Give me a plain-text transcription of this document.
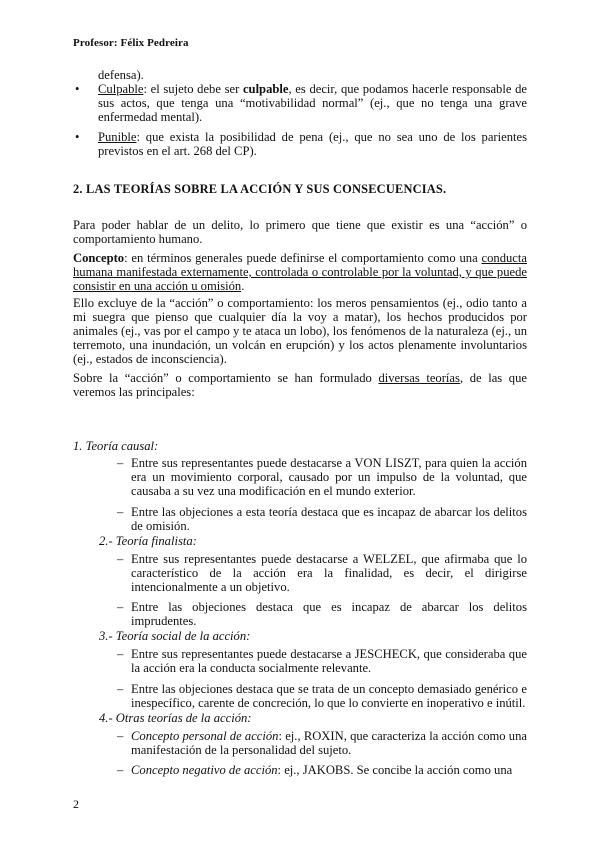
Profesor: Félix Pedreira

defensa).

• Culpable: el sujeto debe ser culpable, es decir, que podamos hacerle responsable de sus actos, que tenga una “motivabilidad normal” (ej., que no tenga una grave enfermedad mental).
• Punible: que exista la posibilidad de pena (ej., que no sea uno de los parientes previstos en el art. 268 del CP).

2. LAS TEORÍAS SOBRE LA ACCIÓN Y SUS CONSECUENCIAS.

Para poder hablar de un delito, lo primero que tiene que existir es una “acción” o comportamiento humano.

Concepto: en términos generales puede definirse el comportamiento como una conducta humana manifestada externamente, controlada o controlable por la voluntad, y que puede consistir en una acción u omisión.

Ello excluye de la “acción” o comportamiento: los meros pensamientos (ej., odio tanto a mi suegra que pienso que cualquier día la voy a matar), los hechos producidos por animales (ej., vas por el campo y te ataca un lobo), los fenómenos de la naturaleza (ej., un terremoto, una inundación, un volcán en erupción) y los actos plenamente involuntarios (ej., estados de inconsciencia).

Sobre la “acción” o comportamiento se han formulado diversas teorías, de las que veremos las principales:

1. Teoría causal:

– Entre sus representantes puede destacarse a VON LISZT, para quien la acción era un movimiento corporal, causado por un impulso de la voluntad, que causaba a su vez una modificación en el mundo exterior.
– Entre las objeciones a esta teoría destaca que es incapaz de abarcar los delitos de omisión.

2.- Teoría finalista:

– Entre sus representantes puede destacarse a WELZEL, que afirmaba que lo característico de la acción era la finalidad, es decir, el dirigirse intencionalmente a un objetivo.
– Entre las objeciones destaca que es incapaz de abarcar los delitos imprudentes.

3.- Teoría social de la acción:

– Entre sus representantes puede destacarse a JESCHECK, que consideraba que la acción era la conducta socialmente relevante.
– Entre las objeciones destaca que se trata de un concepto demasiado genérico e inespecífico, carente de concreción, lo que lo convierte en inoperativo e inútil.

4.- Otras teorías de la acción:

– Concepto personal de acción: ej., ROXIN, que caracteriza la acción como una manifestación de la personalidad del sujeto.
– Concepto negativo de acción: ej., JAKOBS. Se concibe la acción como una
2
